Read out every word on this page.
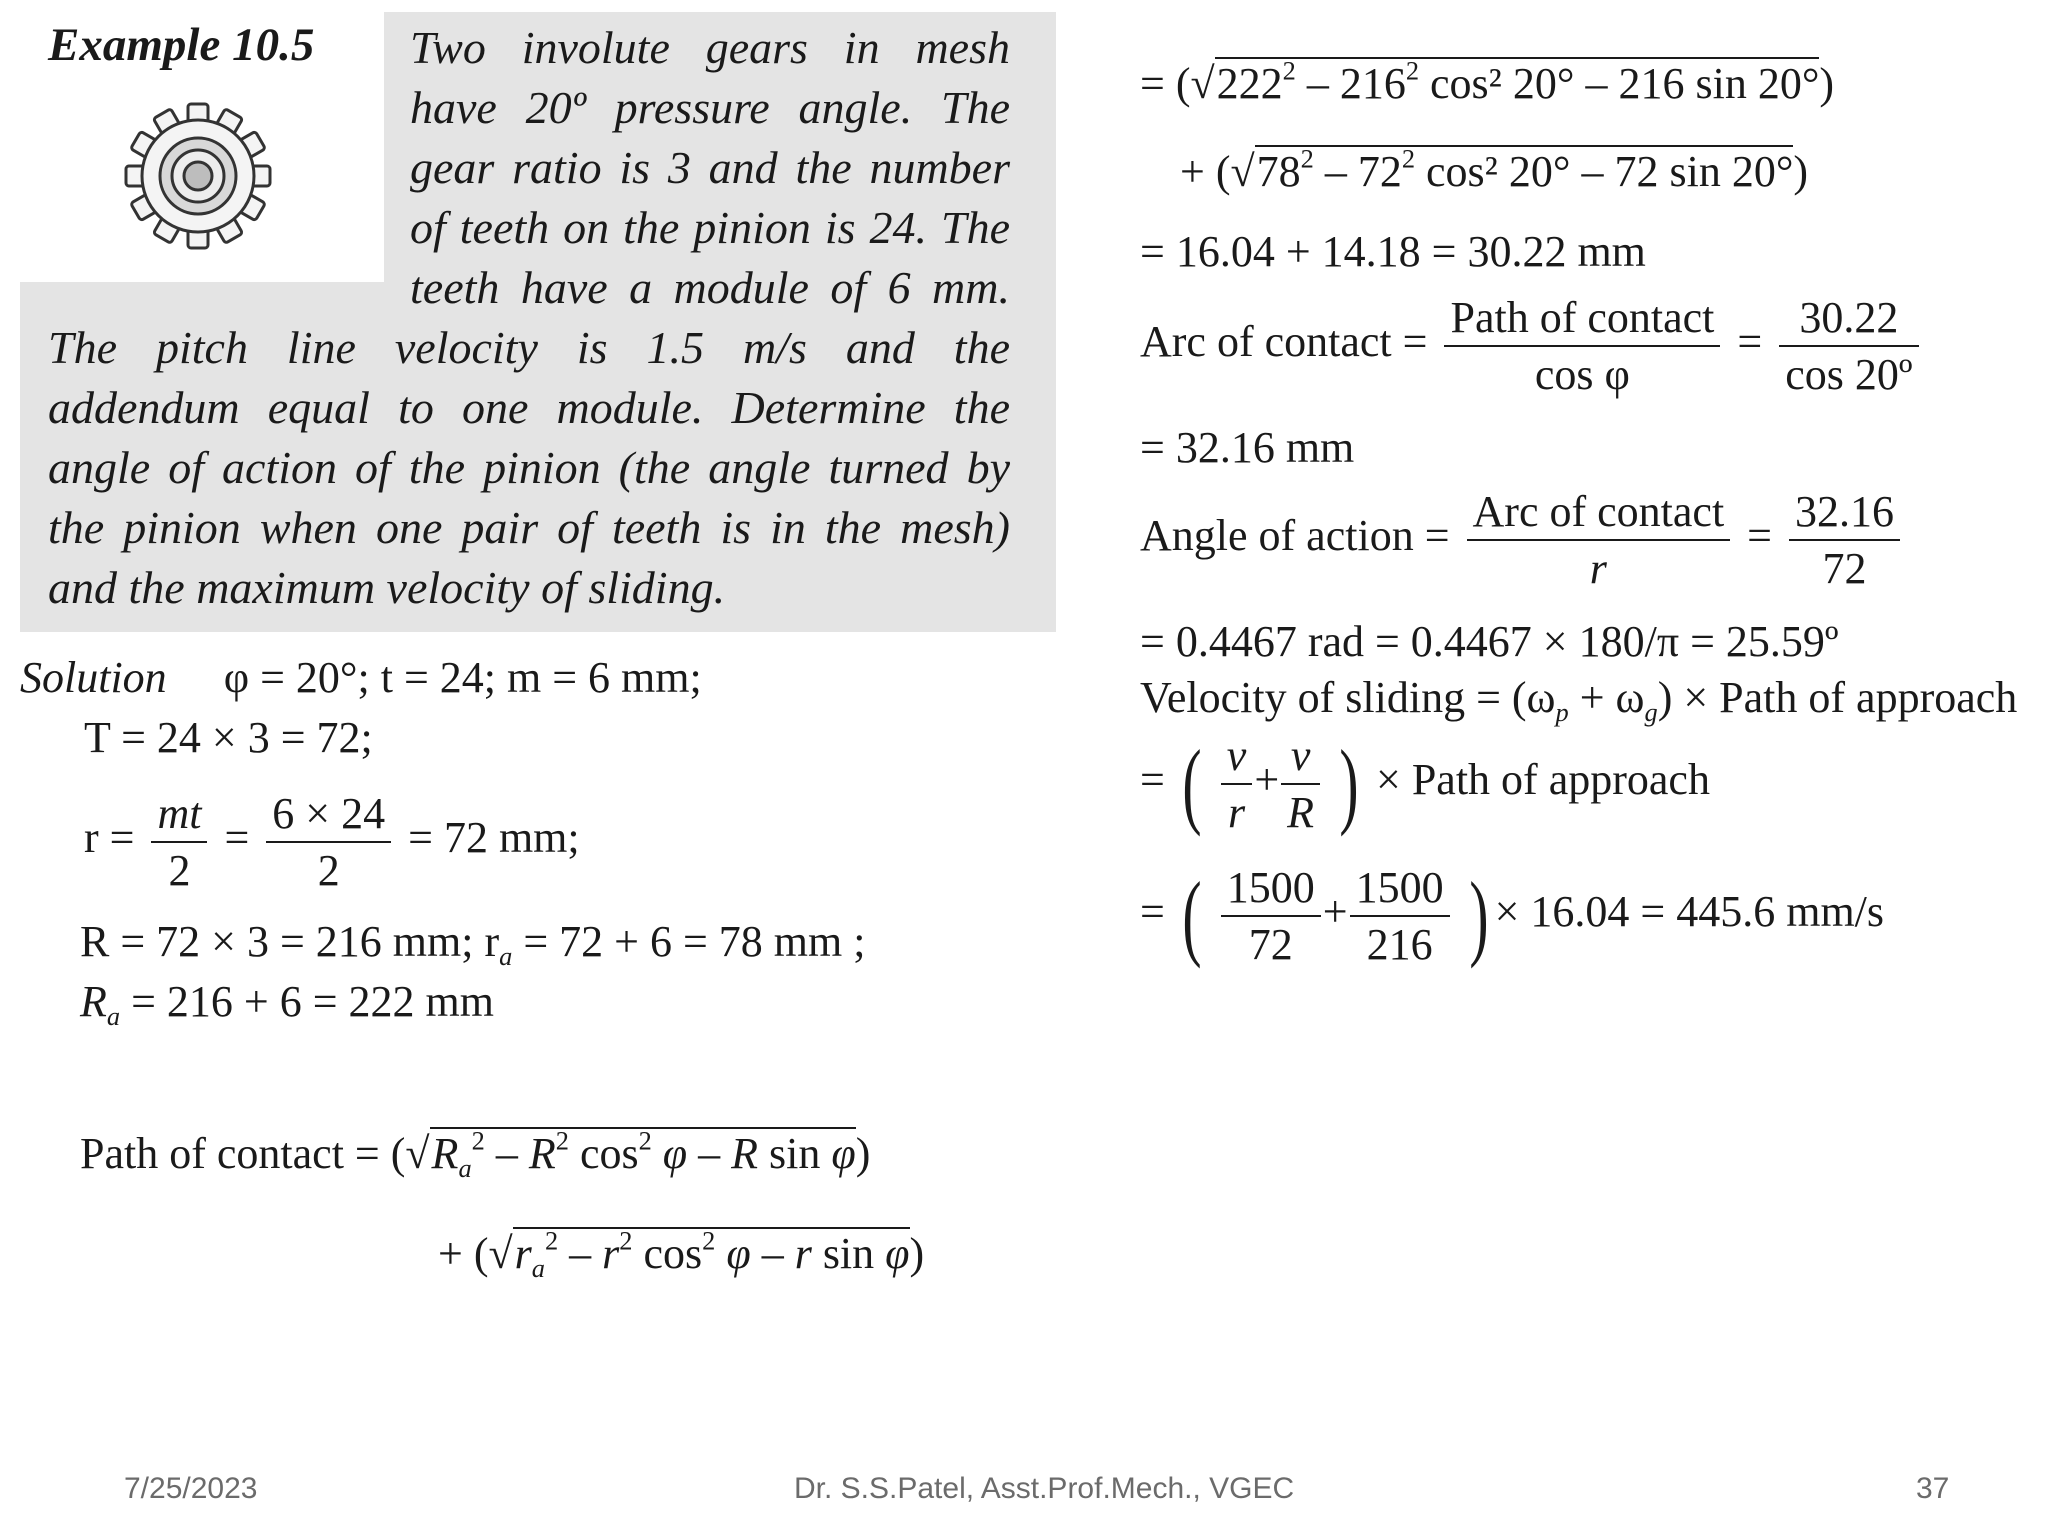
Example 10.5 Two involute gears in mesh
have 20º pressure angle. The
gear ratio is 3 and the number
of teeth on the pinion is 24. The
teeth have a module of 6 mm.
The pitch line velocity is 1.5 m/s and the
addendum equal to one module. Determine the
angle of action of the pinion (the angle turned by
the pinion when one pair of teeth is in the mesh)
and the maximum velocity of sliding.
Solution φ = 20°; t = 24; m = 6 mm;
T = 24 × 3 = 72;
$r = \frac{mt}{2} = \frac{6 \times 24}{2} = 72$ mm;
R = 72 × 3 = 216 mm; $r_a = 72 + 6 = 78$ mm ;
$R_a = 216 + 6 = 222$ mm
Path of contact = ($√R_a^2 - R^2$ $\cos^2 \varphi$ – R sin φ)
+ ($√r_a^2 - r^2$ $\cos^2 \varphi$ – r sin φ)
= ($√222^2 - 216^2$ cos² 20° – 216 sin 20°)
+ ($√78^2 - 72^2$ cos² 20° – 72 sin 20°)
= 16.04 + 14.18 = 30.22 mm
Arc of contact = $\frac{\text{Path of contact}}{\text{cos φ}} = \frac{30.22}{\text{cos 20º}}$
= 32.16 mm
Angle of action = $\frac{\text{Arc of contact}}{r} = \frac{32.16}{72}$
= 0.4467 rad = 0.4467 × 180/π = 25.59º
Velocity of sliding = $(\omega_p + \omega_g)$ × Path of approach
= ( $\frac{v}{r} + \frac{v}{R}$ ) × Path of approach
= ( $\frac{1500}{72} + \frac{1500}{216}$ ) × 16.04 = 445.6 mm/s
7/25/2023	Dr. S.S.Patel, Asst.Prof.Mech., VGEC	37
